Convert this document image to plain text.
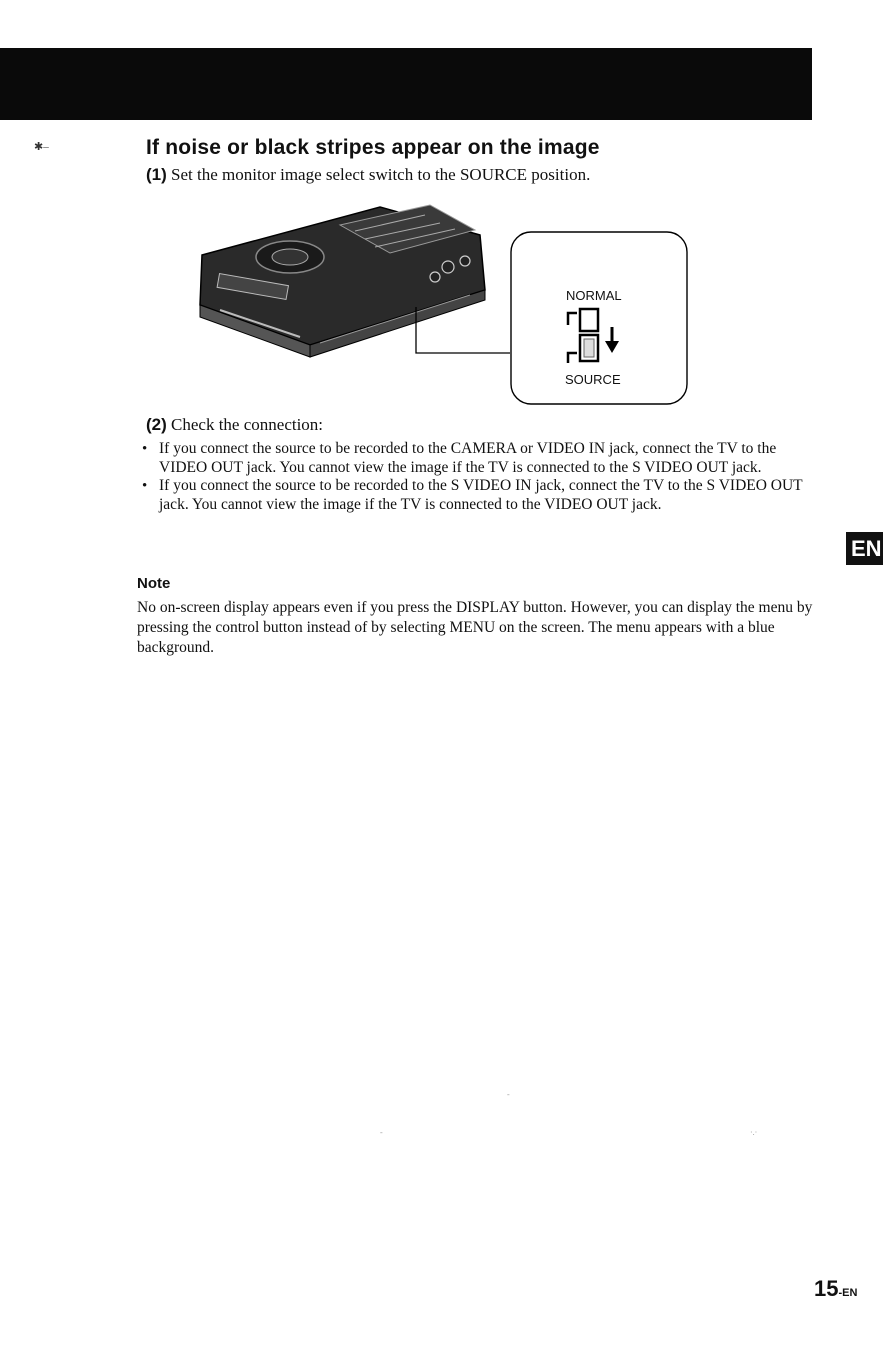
✱–	If noise or black stripes appear on the image
(1) Set the monitor image select switch to the SOURCE position.
NORMAL
SOURCE
(2) Check the connection:
• If you connect the source to be recorded to the CAMERA or VIDEO IN jack, connect the TV to the VIDEO OUT jack. You cannot view the image if the TV is connected to the S VIDEO OUT jack.
• If you connect the source to be recorded to the S VIDEO IN jack, connect the TV to the S VIDEO OUT jack. You cannot view the image if the TV is connected to the VIDEO OUT jack.
Note

No on-screen display appears even if you press the DISPLAY button. However, you can display the menu by pressing the control button instead of by selecting MENU on the screen. The menu appears with a blue background.

EN
15-EN
-
-	·.·
